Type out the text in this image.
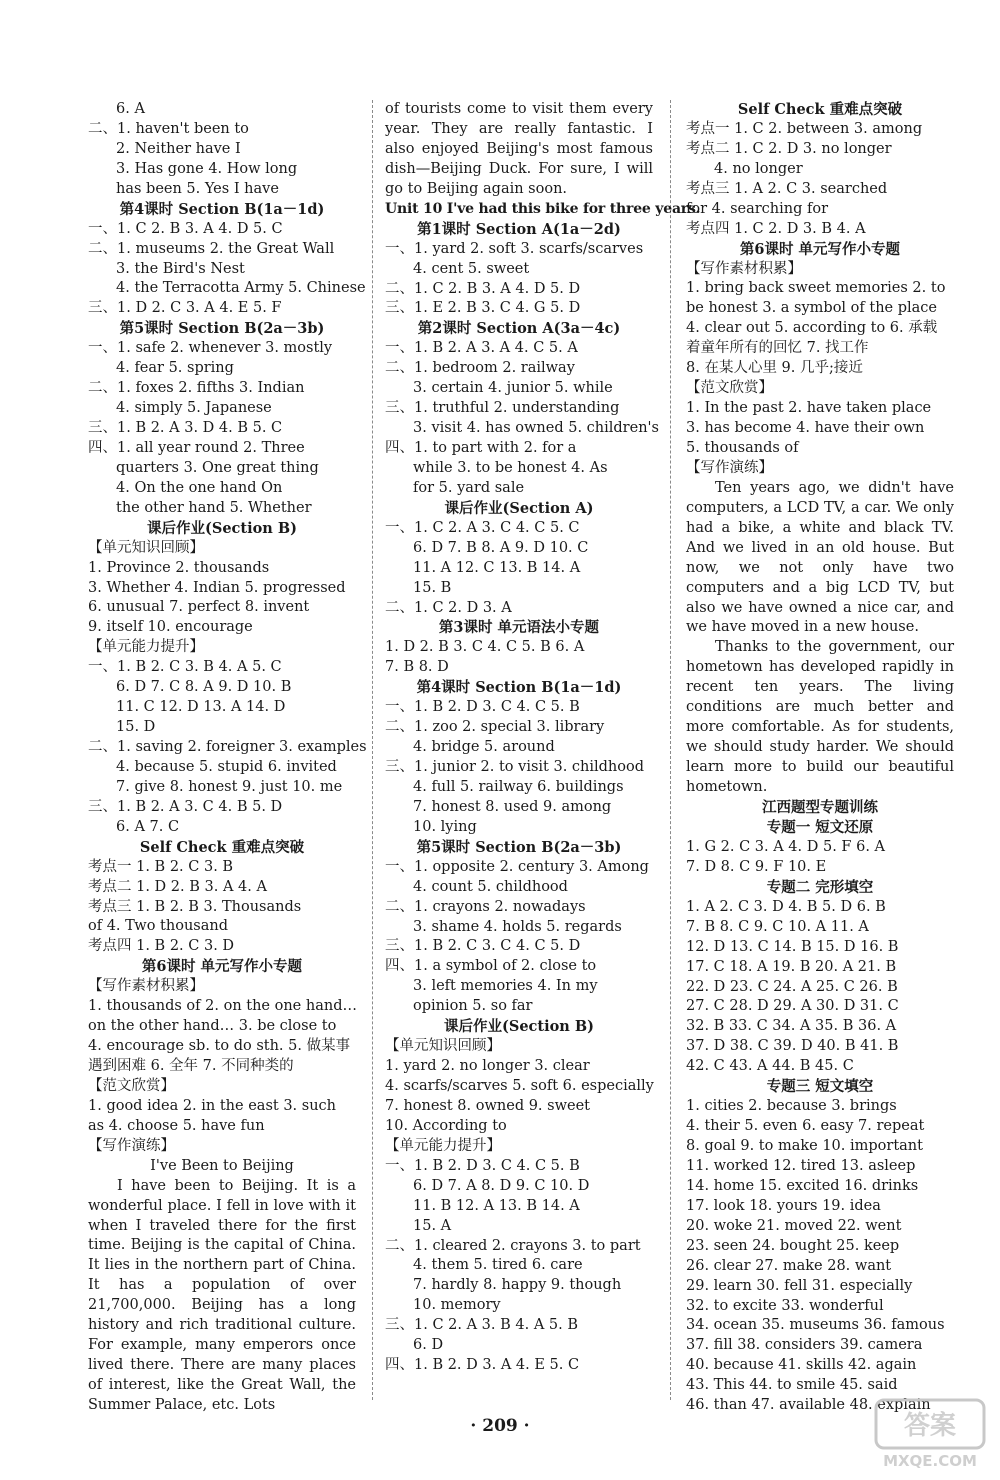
6. A
二、1. haven't been to
2. Neither have I
3. Has gone 4. How long
has been 5. Yes I have
第4课时 Section B(1a－1d)
一、1. C 2. B 3. A 4. D 5. C
二、1. museums 2. the Great Wall
3. the Bird's Nest
4. the Terracotta Army 5. Chinese
三、1. D 2. C 3. A 4. E 5. F
第5课时 Section B(2a－3b)
一、1. safe 2. whenever 3. mostly
4. fear 5. spring
二、1. foxes 2. fifths 3. Indian
4. simply 5. Japanese
三、1. B 2. A 3. D 4. B 5. C
四、1. all year round 2. Three
quarters 3. One great thing
4. On the one hand On
the other hand 5. Whether
课后作业(Section B)
【单元知识回顾】
1. Province 2. thousands
3. Whether 4. Indian 5. progressed
6. unusual 7. perfect 8. invent
9. itself 10. encourage
【单元能力提升】
一、1. B 2. C 3. B 4. A 5. C
6. D 7. C 8. A 9. D 10. B
11. C 12. D 13. A 14. D
15. D
二、1. saving 2. foreigner 3. examples
4. because 5. stupid 6. invited
7. give 8. honest 9. just 10. me
三、1. B 2. A 3. C 4. B 5. D
6. A 7. C
Self Check 重难点突破
考点一 1. B 2. C 3. B
考点二 1. D 2. B 3. A 4. A
考点三 1. B 2. B 3. Thousands
of 4. Two thousand
考点四 1. B 2. C 3. D
第6课时 单元写作小专题
【写作素材积累】
1. thousands of 2. on the one hand…
on the other hand… 3. be close to
4. encourage sb. to do sth. 5. 做某事
遇到困难 6. 全年 7. 不同种类的
【范文欣赏】
1. good idea 2. in the east 3. such
as 4. choose 5. have fun
【写作演练】
I've Been to Beijing
I have been to Beijing. It is a wonderful place. I fell in love with it when I traveled there for the first time. Beijing is the capital of China. It lies in the northern part of China. It has a population of over 21,700,000. Beijing has a long history and rich traditional culture. For example, many emperors once lived there. There are many places of interest, like the Great Wall, the Summer Palace, etc. Lots
of tourists come to visit them every year. They are really fantastic. I also enjoyed Beijing's most famous dish—Beijing Duck. For sure, I will go to Beijing again soon.
Unit 10 I've had this bike for three years.
第1课时 Section A(1a－2d)
一、1. yard 2. soft 3. scarfs/scarves
4. cent 5. sweet
二、1. C 2. B 3. A 4. D 5. D
三、1. E 2. B 3. C 4. G 5. D
第2课时 Section A(3a－4c)
一、1. B 2. A 3. A 4. C 5. A
二、1. bedroom 2. railway
3. certain 4. junior 5. while
三、1. truthful 2. understanding
3. visit 4. has owned 5. children's
四、1. to part with 2. for a
while 3. to be honest 4. As
for 5. yard sale
课后作业(Section A)
一、1. C 2. A 3. C 4. C 5. C
6. D 7. B 8. A 9. D 10. C
11. A 12. C 13. B 14. A
15. B
二、1. C 2. D 3. A
第3课时 单元语法小专题
1. D 2. B 3. C 4. C 5. B 6. A
7. B 8. D
第4课时 Section B(1a－1d)
一、1. B 2. D 3. C 4. C 5. B
二、1. zoo 2. special 3. library
4. bridge 5. around
三、1. junior 2. to visit 3. childhood
4. full 5. railway 6. buildings
7. honest 8. used 9. among
10. lying
第5课时 Section B(2a－3b)
一、1. opposite 2. century 3. Among
4. count 5. childhood
二、1. crayons 2. nowadays
3. shame 4. holds 5. regards
三、1. B 2. C 3. C 4. C 5. D
四、1. a symbol of 2. close to
3. left memories 4. In my
opinion 5. so far
课后作业(Section B)
【单元知识回顾】
1. yard 2. no longer 3. clear
4. scarfs/scarves 5. soft 6. especially
7. honest 8. owned 9. sweet
10. According to
【单元能力提升】
一、1. B 2. D 3. C 4. C 5. B
6. D 7. A 8. D 9. C 10. D
11. B 12. A 13. B 14. A
15. A
二、1. cleared 2. crayons 3. to part
4. them 5. tired 6. care
7. hardly 8. happy 9. though
10. memory
三、1. C 2. A 3. B 4. A 5. B
6. D
四、1. B 2. D 3. A 4. E 5. C
Self Check 重难点突破
考点一 1. C 2. between 3. among
考点二 1. C 2. D 3. no longer
4. no longer
考点三 1. A 2. C 3. searched
for 4. searching for
考点四 1. C 2. D 3. B 4. A
第6课时 单元写作小专题
【写作素材积累】
1. bring back sweet memories 2. to
be honest 3. a symbol of the place
4. clear out 5. according to 6. 承载
着童年所有的回忆 7. 找工作
8. 在某人心里 9. 几乎;接近
【范文欣赏】
1. In the past 2. have taken place
3. has become 4. have their own
5. thousands of
【写作演练】
Ten years ago, we didn't have computers, a LCD TV, a car. We only had a bike, a white and black TV. And we lived in an old house. But now, we not only have two computers and a big LCD TV, but also we have owned a nice car, and we have moved in a new house.
Thanks to the government, our hometown has developed rapidly in recent ten years. The living conditions are much better and more comfortable. As for students, we should study harder. We should learn more to build our beautiful hometown.
江西题型专题训练
专题一 短文还原
1. G 2. C 3. A 4. D 5. F 6. A
7. D 8. C 9. F 10. E
专题二 完形填空
1. A 2. C 3. D 4. B 5. D 6. B
7. B 8. C 9. C 10. A 11. A
12. D 13. C 14. B 15. D 16. B
17. C 18. A 19. B 20. A 21. B
22. D 23. C 24. A 25. C 26. B
27. C 28. D 29. A 30. D 31. C
32. B 33. C 34. A 35. B 36. A
37. D 38. C 39. D 40. B 41. B
42. C 43. A 44. B 45. C
专题三 短文填空
1. cities 2. because 3. brings
4. their 5. even 6. easy 7. repeat
8. goal 9. to make 10. important
11. worked 12. tired 13. asleep
14. home 15. excited 16. drinks
17. look 18. yours 19. idea
20. woke 21. moved 22. went
23. seen 24. bought 25. keep
26. clear 27. make 28. want
29. learn 30. fell 31. especially
32. to excite 33. wonderful
34. ocean 35. museums 36. famous
37. fill 38. considers 39. camera
40. because 41. skills 42. again
43. This 44. to smile 45. said
46. than 47. available 48. explain
· 209 ·	答案
MXQE.COM
